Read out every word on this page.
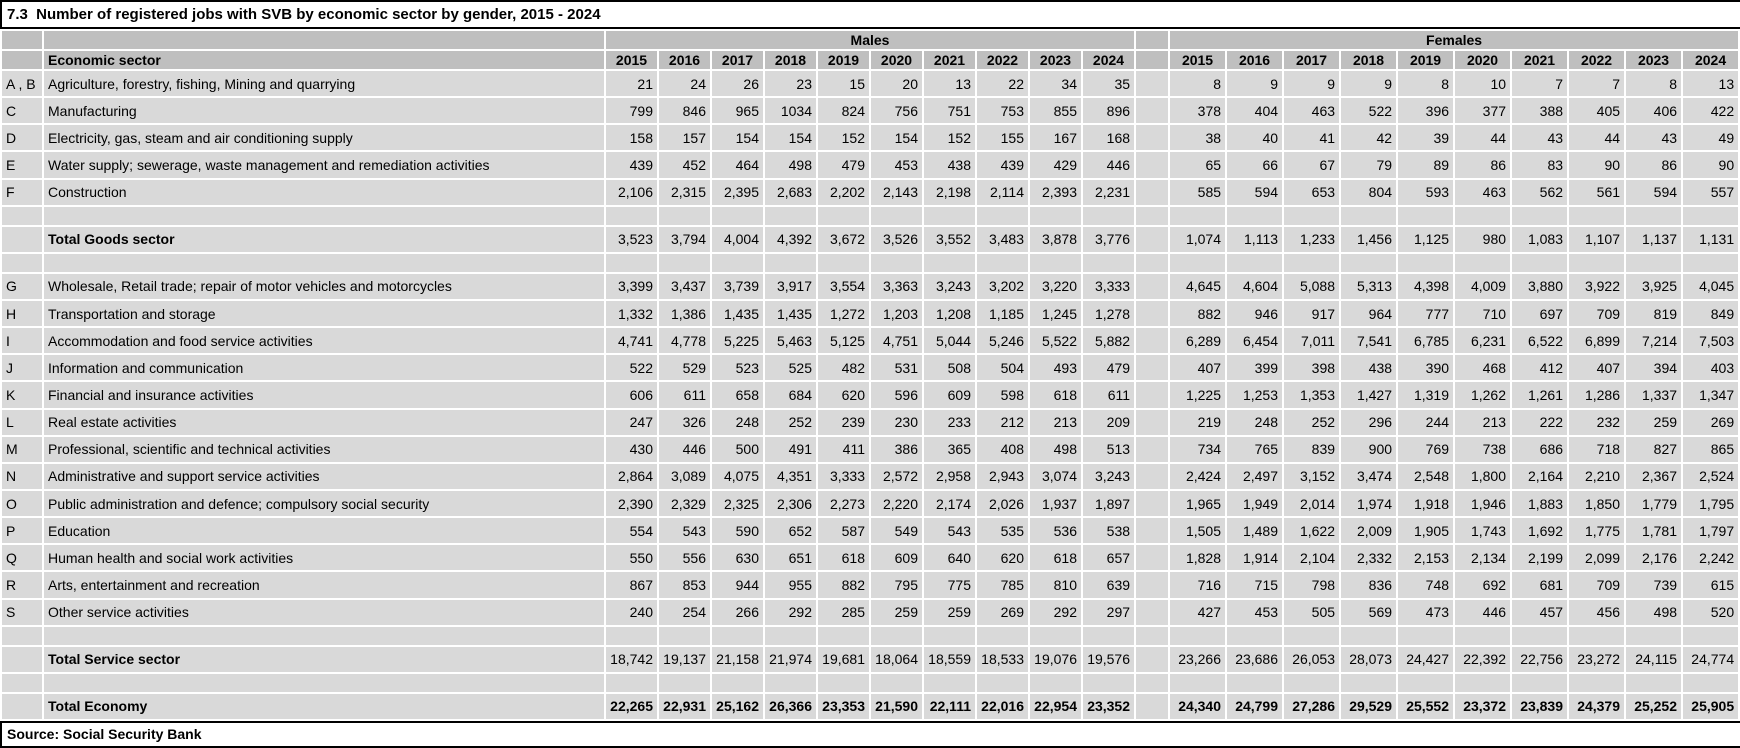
7.3  Number of registered jobs with SVB by economic sector by gender, 2015 - 2024
		Males											Females									
	Economic sector	2015	2016	2017	2018	2019	2020	2021	2022	2023	2024		2015	2016	2017	2018	2019	2020	2021	2022	2023	2024
A , B	Agriculture, forestry, fishing, Mining and quarrying	21	24	26	23	15	20	13	22	34	35		8	9	9	9	8	10	7	7	8	13
C	Manufacturing	799	846	965	1034	824	756	751	753	855	896		378	404	463	522	396	377	388	405	406	422
D	Electricity, gas, steam and air conditioning supply	158	157	154	154	152	154	152	155	167	168		38	40	41	42	39	44	43	44	43	49
E	Water supply; sewerage, waste management and remediation activities	439	452	464	498	479	453	438	439	429	446		65	66	67	79	89	86	83	90	86	90
F	Construction	2,106	2,315	2,395	2,683	2,202	2,143	2,198	2,114	2,393	2,231		585	594	653	804	593	463	562	561	594	557

	Total Goods sector	3,523	3,794	4,004	4,392	3,672	3,526	3,552	3,483	3,878	3,776		1,074	1,113	1,233	1,456	1,125	980	1,083	1,107	1,137	1,131

G	Wholesale, Retail trade; repair of motor vehicles and motorcycles	3,399	3,437	3,739	3,917	3,554	3,363	3,243	3,202	3,220	3,333		4,645	4,604	5,088	5,313	4,398	4,009	3,880	3,922	3,925	4,045
H	Transportation and storage	1,332	1,386	1,435	1,435	1,272	1,203	1,208	1,185	1,245	1,278		882	946	917	964	777	710	697	709	819	849
I	Accommodation and food service activities	4,741	4,778	5,225	5,463	5,125	4,751	5,044	5,246	5,522	5,882		6,289	6,454	7,011	7,541	6,785	6,231	6,522	6,899	7,214	7,503
J	Information and communication	522	529	523	525	482	531	508	504	493	479		407	399	398	438	390	468	412	407	394	403
K	Financial and insurance activities	606	611	658	684	620	596	609	598	618	611		1,225	1,253	1,353	1,427	1,319	1,262	1,261	1,286	1,337	1,347
L	Real estate activities	247	326	248	252	239	230	233	212	213	209		219	248	252	296	244	213	222	232	259	269
M	Professional, scientific and technical activities	430	446	500	491	411	386	365	408	498	513		734	765	839	900	769	738	686	718	827	865
N	Administrative and support service activities	2,864	3,089	4,075	4,351	3,333	2,572	2,958	2,943	3,074	3,243		2,424	2,497	3,152	3,474	2,548	1,800	2,164	2,210	2,367	2,524
O	Public administration and defence; compulsory social security	2,390	2,329	2,325	2,306	2,273	2,220	2,174	2,026	1,937	1,897		1,965	1,949	2,014	1,974	1,918	1,946	1,883	1,850	1,779	1,795
P	Education	554	543	590	652	587	549	543	535	536	538		1,505	1,489	1,622	2,009	1,905	1,743	1,692	1,775	1,781	1,797
Q	Human health and social work activities	550	556	630	651	618	609	640	620	618	657		1,828	1,914	2,104	2,332	2,153	2,134	2,199	2,099	2,176	2,242
R	Arts, entertainment and recreation	867	853	944	955	882	795	775	785	810	639		716	715	798	836	748	692	681	709	739	615
S	Other service activities	240	254	266	292	285	259	259	269	292	297		427	453	505	569	473	446	457	456	498	520

	Total Service sector	18,742	19,137	21,158	21,974	19,681	18,064	18,559	18,533	19,076	19,576		23,266	23,686	26,053	28,073	24,427	22,392	22,756	23,272	24,115	24,774

	Total Economy	22,265	22,931	25,162	26,366	23,353	21,590	22,111	22,016	22,954	23,352		24,340	24,799	27,286	29,529	25,552	23,372	23,839	24,379	25,252	25,905
Source: Social Security Bank
